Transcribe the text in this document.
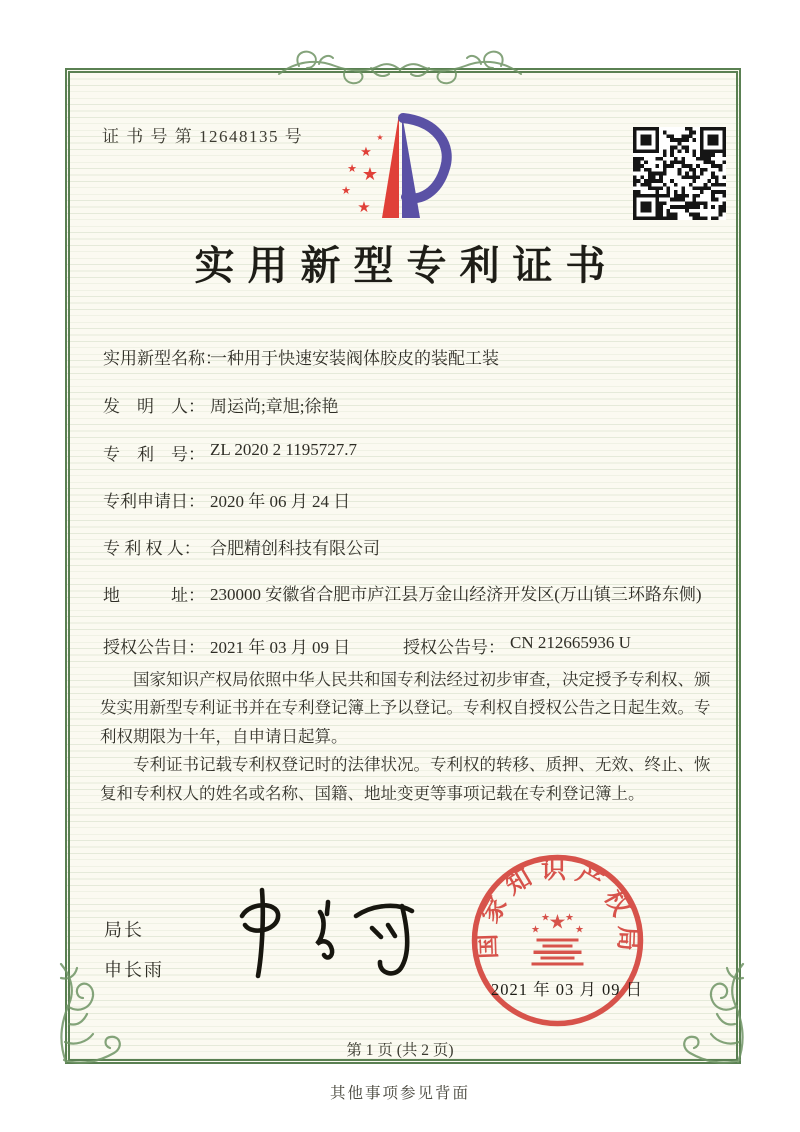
证 书 号 第 12648135 号
★
★ ★
★
★
★
实用新型专利证书
实用新型名称：
一种用于快速安装阀体胶皮的装配工装
发　明　人： 周运尚;章旭;徐艳
专　利　号： ZL 2020 2 1195727.7
专利申请日： 2020 年 06 月 24 日
专 利 权 人： 合肥精创科技有限公司
地　　　址： 230000 安徽省合肥市庐江县万金山经济开发区(万山镇三环路东侧)
授权公告日： 2021 年 03 月 09 日	授权公告号： CN 212665936 U

国家知识产权局依照中华人民共和国专利法经过初步审查，决定授予专利权、颁发实用新型专利证书并在专利登记簿上予以登记。专利权自授权公告之日起生效。专利权期限为十年，自申请日起算。

专利证书记载专利权登记时的法律状况。专利权的转移、质押、无效、终止、恢复和专利权人的姓名或名称、国籍、地址变更等事项记载在专利登记簿上。

局长
申长雨
国家知识产权局
★
★
★ ★
★
2021 年 03 月 09 日
第 1 页 (共 2 页)
其他事项参见背面
